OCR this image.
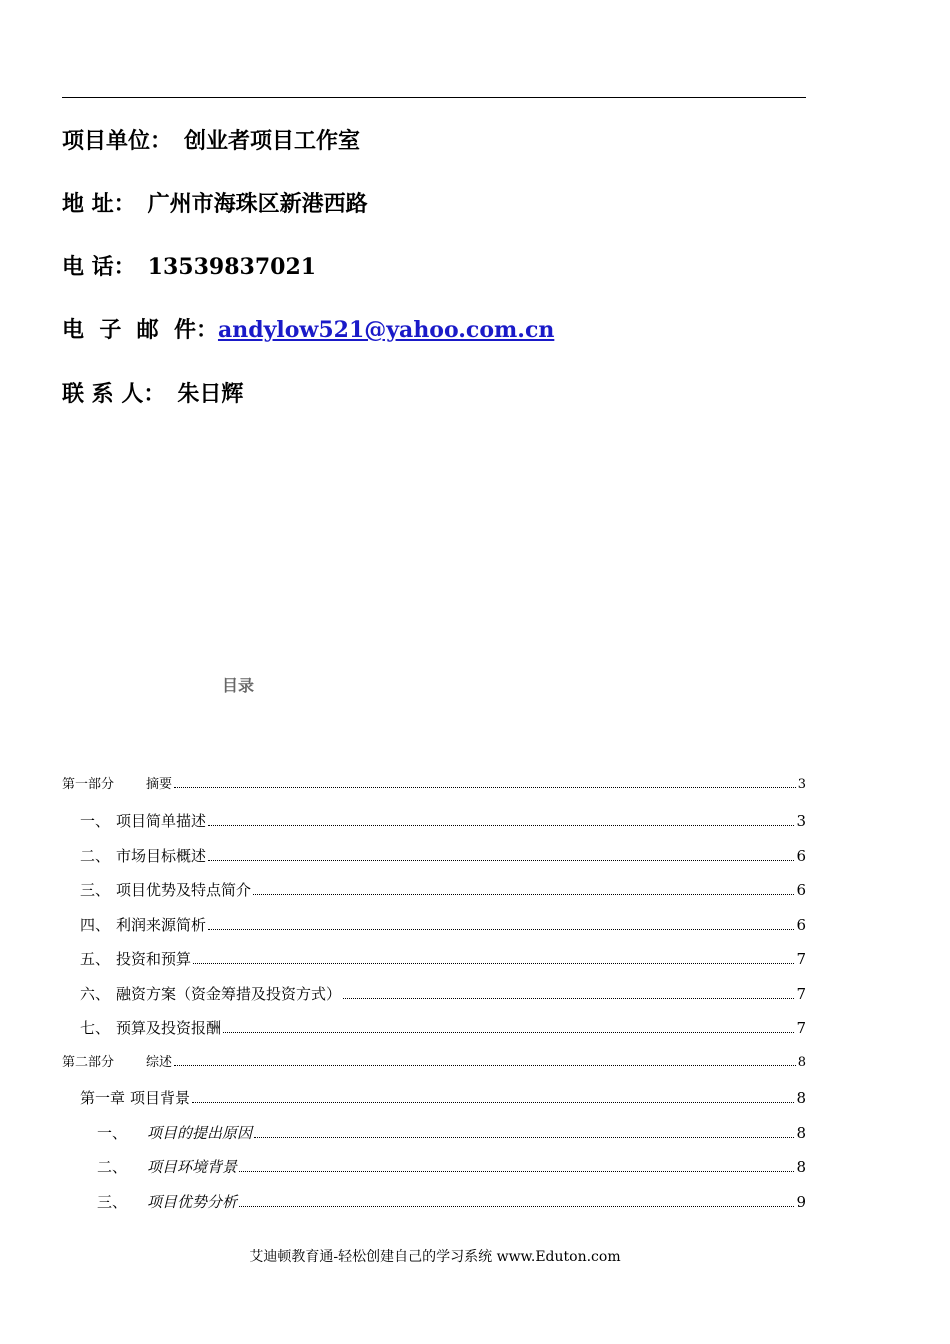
项目单位： 创业者项目工作室
地 址： 广州市海珠区新港西路
电 话： 13539837021
电  子  邮  件：andylow521@yahoo.com.cn
联 系 人： 朱日辉
目录
第一部分	摘要	3
一、 项目简单描述	3
二、 市场目标概述	6
三、 项目优势及特点简介	6
四、 利润来源简析	6
五、 投资和预算	7
六、 融资方案（资金筹措及投资方式）	7
七、 预算及投资报酬	7
第二部分	综述	8
第一章 项目背景	8
一、	项目的提出原因	8
二、	项目环境背景	8
三、	项目优势分析	9
艾迪顿教育通-轻松创建自己的学习系统 www.Eduton.com
